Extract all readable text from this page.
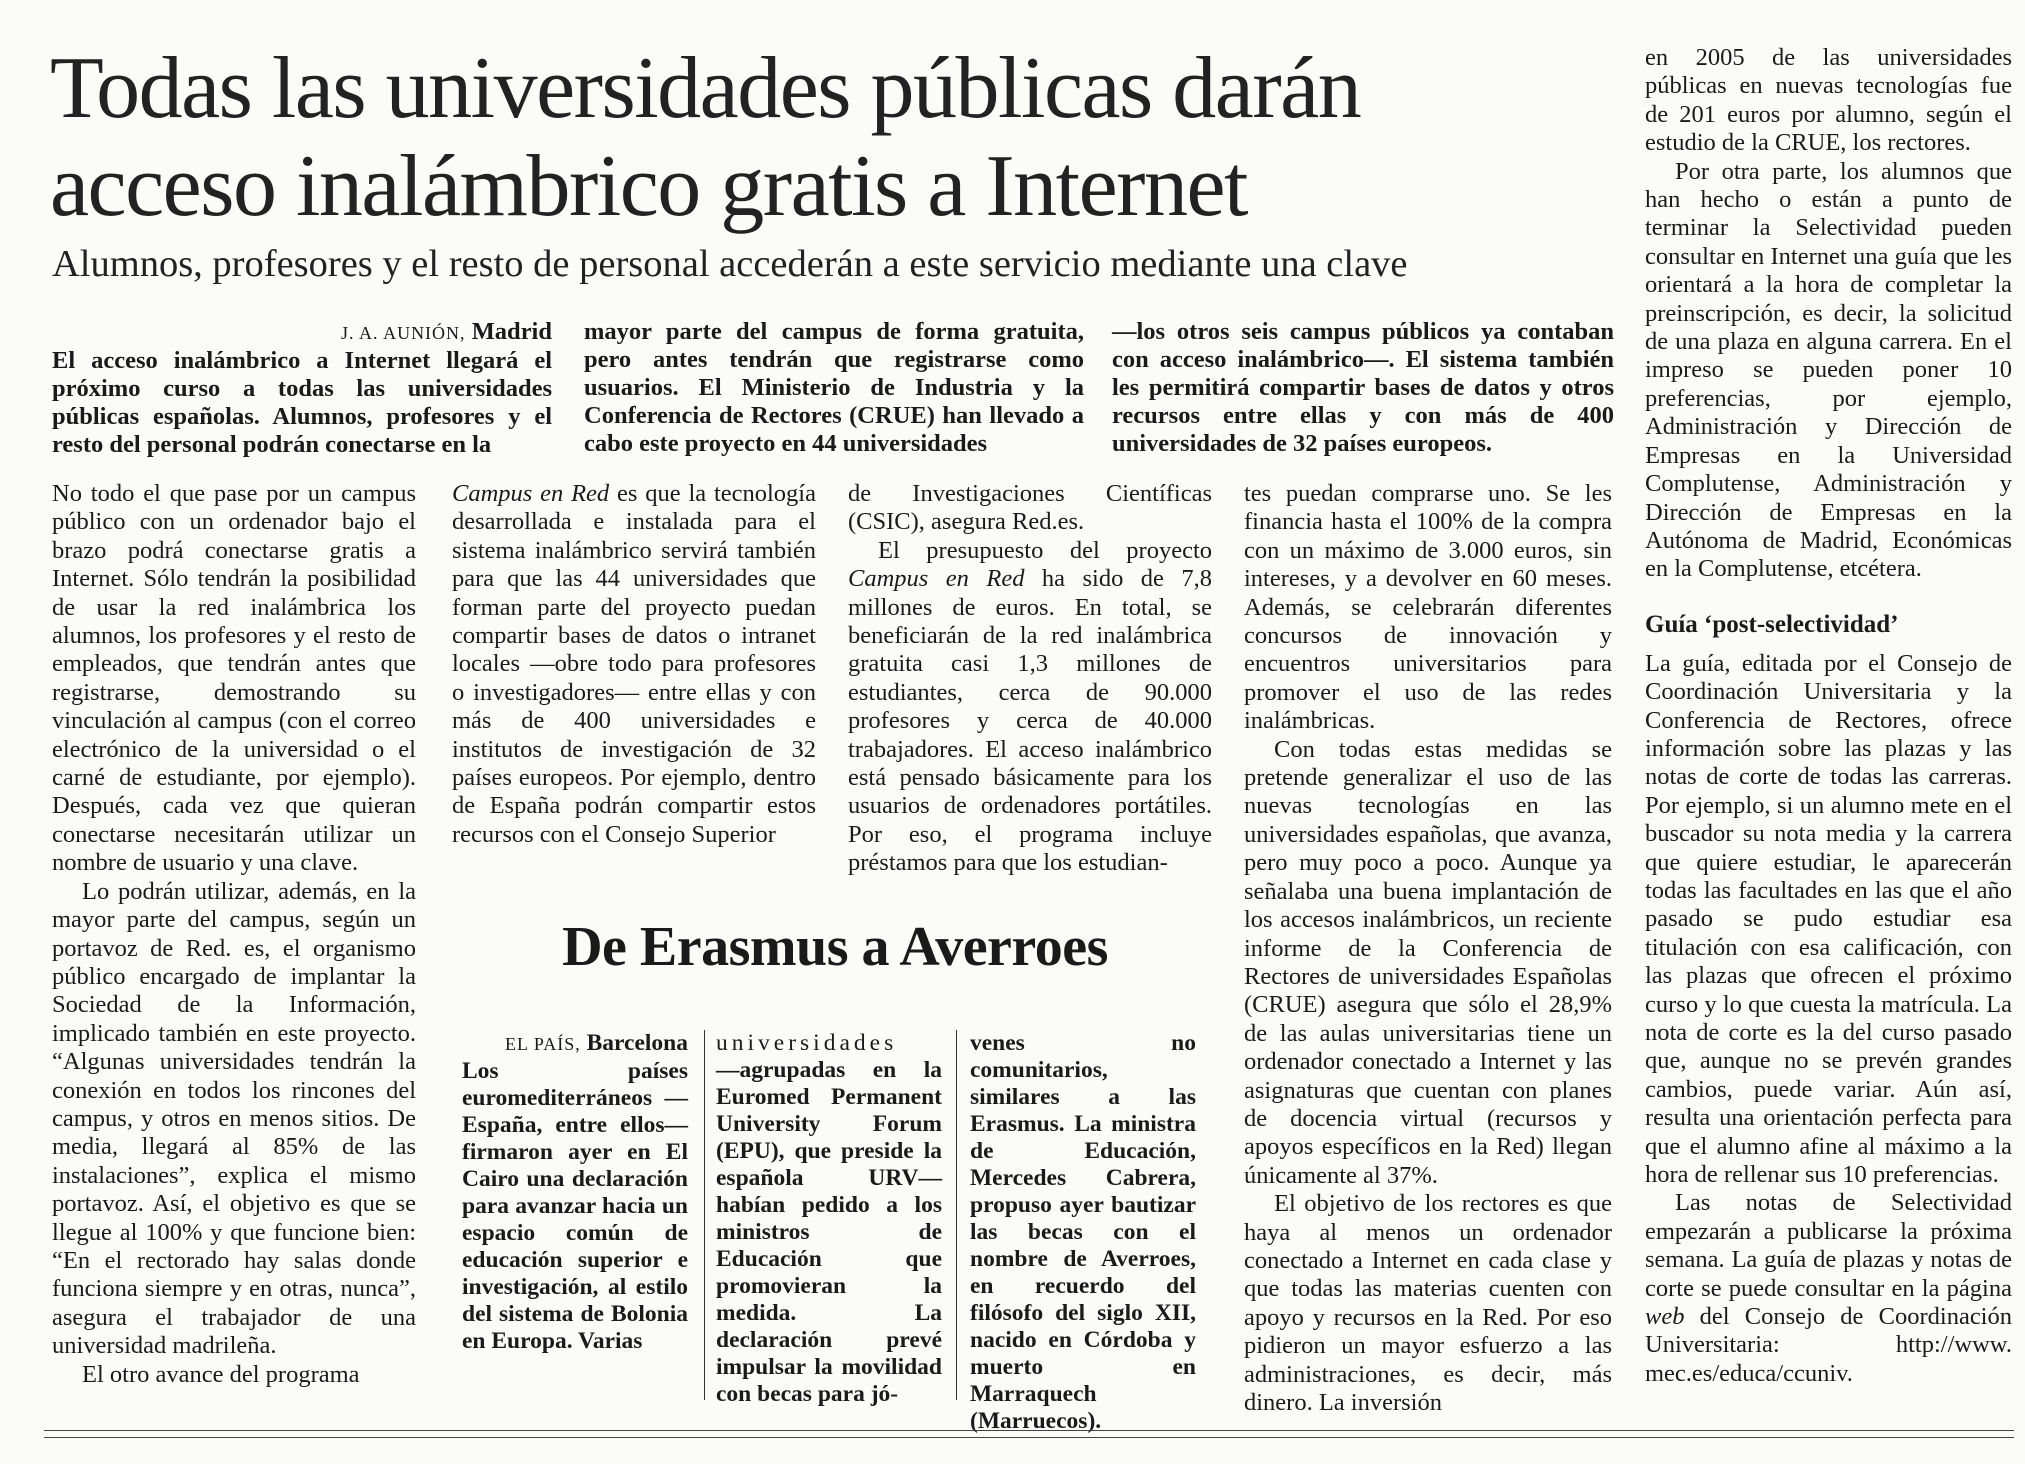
Todas las universidades públicas darán
acceso inalámbrico gratis a Internet
Alumnos, profesores y el resto de personal accederán a este servicio mediante una clave
J. A. AUNIÓN, Madrid
El acceso inalámbrico a Internet llegará el próximo curso a todas las universidades públicas españolas. Alumnos, profesores y el resto del personal podrán conectarse en la
mayor parte del campus de forma gratuita, pero antes tendrán que registrarse como usuarios. El Ministerio de Industria y la Conferencia de Rectores (CRUE) han llevado a cabo este proyecto en 44 universidades
—los otros seis campus públicos ya contaban con acceso inalámbrico—. El sistema también les permitirá compartir bases de datos y otros recursos entre ellas y con más de 400 universidades de 32 países europeos.

No todo el que pase por un campus público con un ordenador bajo el brazo podrá conectarse gratis a Internet. Sólo tendrán la posibilidad de usar la red inalámbrica los alumnos, los profesores y el resto de empleados, que tendrán antes que registrarse, demostrando su vinculación al campus (con el correo electrónico de la universidad o el carné de estudiante, por ejemplo). Después, cada vez que quieran conectarse necesitarán utilizar un nombre de usuario y una clave.

Lo podrán utilizar, además, en la mayor parte del campus, según un portavoz de Red. es, el organismo público encargado de implantar la Sociedad de la Información, implicado también en este proyecto. “Algunas universidades tendrán la conexión en todos los rincones del campus, y otros en menos sitios. De media, llegará al 85% de las instalaciones”, explica el mismo portavoz. Así, el objetivo es que se llegue al 100% y que funcione bien: “En el rectorado hay salas donde funciona siempre y en otras, nunca”, asegura el trabajador de una universidad madrileña.

El otro avance del programa

Campus en Red es que la tecnología desarrollada e instalada para el sistema inalámbrico servirá también para que las 44 universidades que forman parte del proyecto puedan compartir bases de datos o intranet locales —obre todo para profesores o investigadores— entre ellas y con más de 400 universidades e institutos de investigación de 32 países europeos. Por ejemplo, dentro de España podrán compartir estos recursos con el Consejo Superior

de Investigaciones Científicas (CSIC), asegura Red.es.

El presupuesto del proyecto Campus en Red ha sido de 7,8 millones de euros. En total, se beneficiarán de la red inalámbrica gratuita casi 1,3 millones de estudiantes, cerca de 90.000 profesores y cerca de 40.000 trabajadores. El acceso inalámbrico está pensado básicamente para los usuarios de ordenadores portátiles. Por eso, el programa incluye préstamos para que los estudian-

tes puedan comprarse uno. Se les financia hasta el 100% de la compra con un máximo de 3.000 euros, sin intereses, y a devolver en 60 meses. Además, se celebrarán diferentes concursos de innovación y encuentros universitarios para promover el uso de las redes inalámbricas.

Con todas estas medidas se pretende generalizar el uso de las nuevas tecnologías en las universidades españolas, que avanza, pero muy poco a poco. Aunque ya señalaba una buena implantación de los accesos inalámbricos, un reciente informe de la Conferencia de Rectores de universidades Españolas (CRUE) asegura que sólo el 28,9% de las aulas universitarias tiene un ordenador conectado a Internet y las asignaturas que cuentan con planes de docencia virtual (recursos y apoyos específicos en la Red) llegan únicamente al 37%.

El objetivo de los rectores es que haya al menos un ordenador conectado a Internet en cada clase y que todas las materias cuenten con apoyo y recursos en la Red. Por eso pidieron un mayor esfuerzo a las administraciones, es decir, más dinero. La inversión

en 2005 de las universidades públicas en nuevas tecnologías fue de 201 euros por alumno, según el estudio de la CRUE, los rectores.

Por otra parte, los alumnos que han hecho o están a punto de terminar la Selectividad pueden consultar en Internet una guía que les orientará a la hora de completar la preinscripción, es decir, la solicitud de una plaza en alguna carrera. En el impreso se pueden poner 10 preferencias, por ejemplo, Administración y Dirección de Empresas en la Universidad Complutense, Administración y Dirección de Empresas en la Autónoma de Madrid, Económicas en la Complutense, etcétera.

Guía ‘post-selectividad’

La guía, editada por el Consejo de Coordinación Universitaria y la Conferencia de Rectores, ofrece información sobre las plazas y las notas de corte de todas las carreras. Por ejemplo, si un alumno mete en el buscador su nota media y la carrera que quiere estudiar, le aparecerán todas las facultades en las que el año pasado se pudo estudiar esa titulación con esa calificación, con las plazas que ofrecen el próximo curso y lo que cuesta la matrícula. La nota de corte es la del curso pasado que, aunque no se prevén grandes cambios, puede variar. Aún así, resulta una orientación perfecta para que el alumno afine al máximo a la hora de rellenar sus 10 preferencias.

Las notas de Selectividad empezarán a publicarse la próxima semana. La guía de plazas y notas de corte se puede consultar en la página web del Consejo de Coordinación Universitaria: http://www. mec.es/educa/ccuniv.

De Erasmus a Averroes
EL PAÍS, Barcelona
Los países euromediterráneos —España, entre ellos— firmaron ayer en El Cairo una declaración para avanzar hacia un espacio común de educación superior e investigación, al estilo del sistema de Bolonia en Europa. Varias
universidades
—agrupadas en la Euromed Permanent University Forum (EPU), que preside la española URV— habían pedido a los ministros de Educación que promovieran la medida. La declaración prevé impulsar la movilidad con becas para jó-
venes no comunitarios, similares a las Erasmus. La ministra de Educación, Mercedes Cabrera, propuso ayer bautizar las becas con el nombre de Averroes, en recuerdo del filósofo del siglo XII, nacido en Córdoba y muerto en Marraquech (Marruecos).
